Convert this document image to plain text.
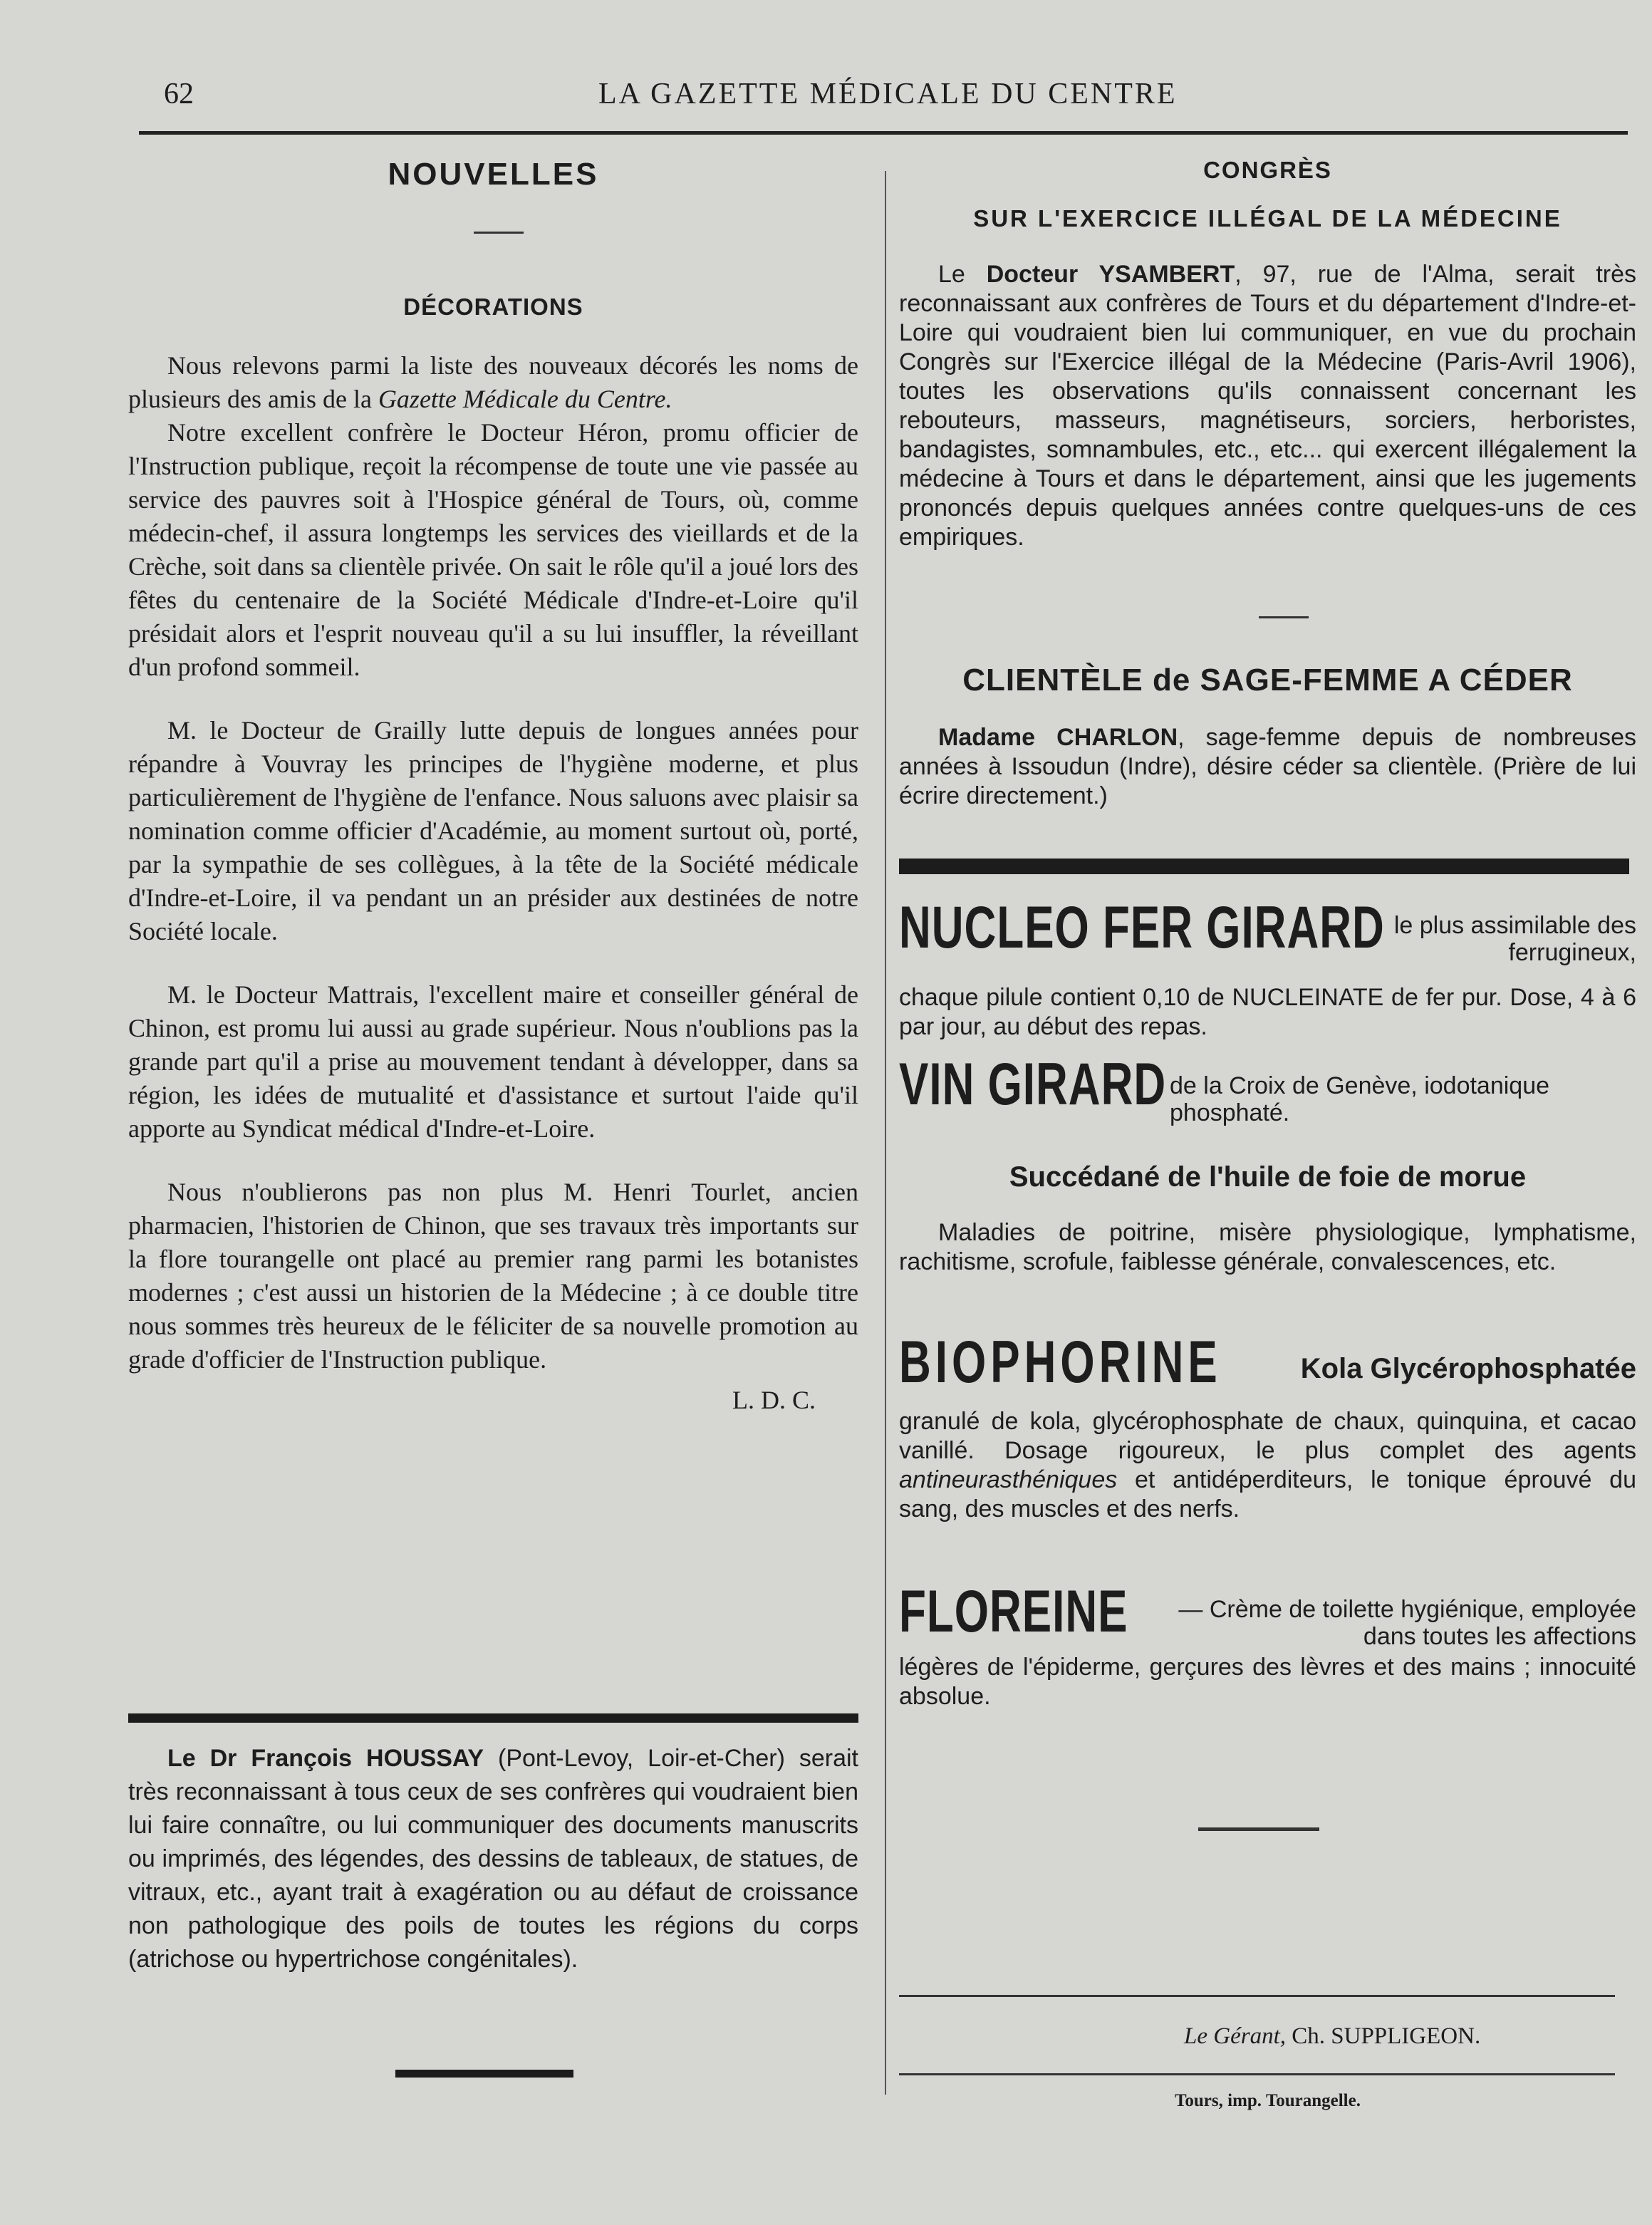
62	LA GAZETTE MÉDICALE DU CENTRE
NOUVELLES
DÉCORATIONS

Nous relevons parmi la liste des nouveaux décorés les noms de plusieurs des amis de la Gazette Médicale du Centre.

Notre excellent confrère le Docteur Héron, promu officier de l'Instruction publique, reçoit la récompense de toute une vie passée au service des pauvres soit à l'Hospice général de Tours, où, comme médecin-chef, il assura longtemps les services des vieillards et de la Crèche, soit dans sa clientèle privée. On sait le rôle qu'il a joué lors des fêtes du centenaire de la Société Médicale d'Indre-et-Loire qu'il présidait alors et l'esprit nouveau qu'il a su lui insuffler, la réveillant d'un profond sommeil.

M. le Docteur de Grailly lutte depuis de longues années pour répandre à Vouvray les principes de l'hygiène moderne, et plus particulièrement de l'hygiène de l'enfance. Nous saluons avec plaisir sa nomination comme officier d'Académie, au moment surtout où, porté, par la sympathie de ses collègues, à la tête de la Société médicale d'Indre-et-Loire, il va pendant un an présider aux destinées de notre Société locale.

M. le Docteur Mattrais, l'excellent maire et conseiller général de Chinon, est promu lui aussi au grade supérieur. Nous n'oublions pas la grande part qu'il a prise au mouvement tendant à développer, dans sa région, les idées de mutualité et d'assistance et surtout l'aide qu'il apporte au Syndicat médical d'Indre-et-Loire.

Nous n'oublierons pas non plus M. Henri Tourlet, ancien pharmacien, l'historien de Chinon, que ses travaux très importants sur la flore tourangelle ont placé au premier rang parmi les botanistes modernes ; c'est aussi un historien de la Médecine ; à ce double titre nous sommes très heureux de le féliciter de sa nouvelle promotion au grade d'officier de l'Instruction publique.

L. D. C.

Le Dr François HOUSSAY (Pont-Levoy, Loir-et-Cher) serait très reconnaissant à tous ceux de ses confrères qui voudraient bien lui faire connaître, ou lui communiquer des documents manuscrits ou imprimés, des légendes, des dessins de tableaux, de statues, de vitraux, etc., ayant trait à exagération ou au défaut de croissance non pathologique des poils de toutes les régions du corps (atrichose ou hypertrichose congénitales).

CONGRÈS
SUR L'EXERCICE ILLÉGAL DE LA MÉDECINE

Le Docteur YSAMBERT, 97, rue de l'Alma, serait très reconnaissant aux confrères de Tours et du département d'Indre-et-Loire qui voudraient bien lui communiquer, en vue du prochain Congrès sur l'Exercice illégal de la Médecine (Paris-Avril 1906), toutes les observations qu'ils connaissent concernant les rebouteurs, masseurs, magnétiseurs, sorciers, herboristes, bandagistes, somnambules, etc., etc... qui exercent illégalement la médecine à Tours et dans le département, ainsi que les jugements prononcés depuis quelques années contre quelques-uns de ces empiriques.

CLIENTÈLE de SAGE-FEMME A CÉDER

Madame CHARLON, sage-femme depuis de nombreuses années à Issoudun (Indre), désire céder sa clientèle. (Prière de lui écrire directement.)

NUCLEO FER GIRARD le plus assimilable des ferrugineux,

chaque pilule contient 0,10 de NUCLEINATE de fer pur. Dose, 4 à 6 par jour, au début des repas.

VIN GIRARD de la Croix de Genève, iodotanique phosphaté.
Succédané de l'huile de foie de morue

Maladies de poitrine, misère physiologique, lymphatisme, rachitisme, scrofule, faiblesse générale, convalescences, etc.

BIOPHORINE	Kola Glycérophosphatée

granulé de kola, glycérophosphate de chaux, quinquina, et cacao vanillé. Dosage rigoureux, le plus complet des agents antineurasthéniques et antidéperditeurs, le tonique éprouvé du sang, des muscles et des nerfs.

FLOREINE	— Crème de toilette hygiénique, employée dans toutes les affections

légères de l'épiderme, gerçures des lèvres et des mains ; innocuité absolue.

Le Gérant, Ch. SUPPLIGEON.
Tours, imp. Tourangelle.
